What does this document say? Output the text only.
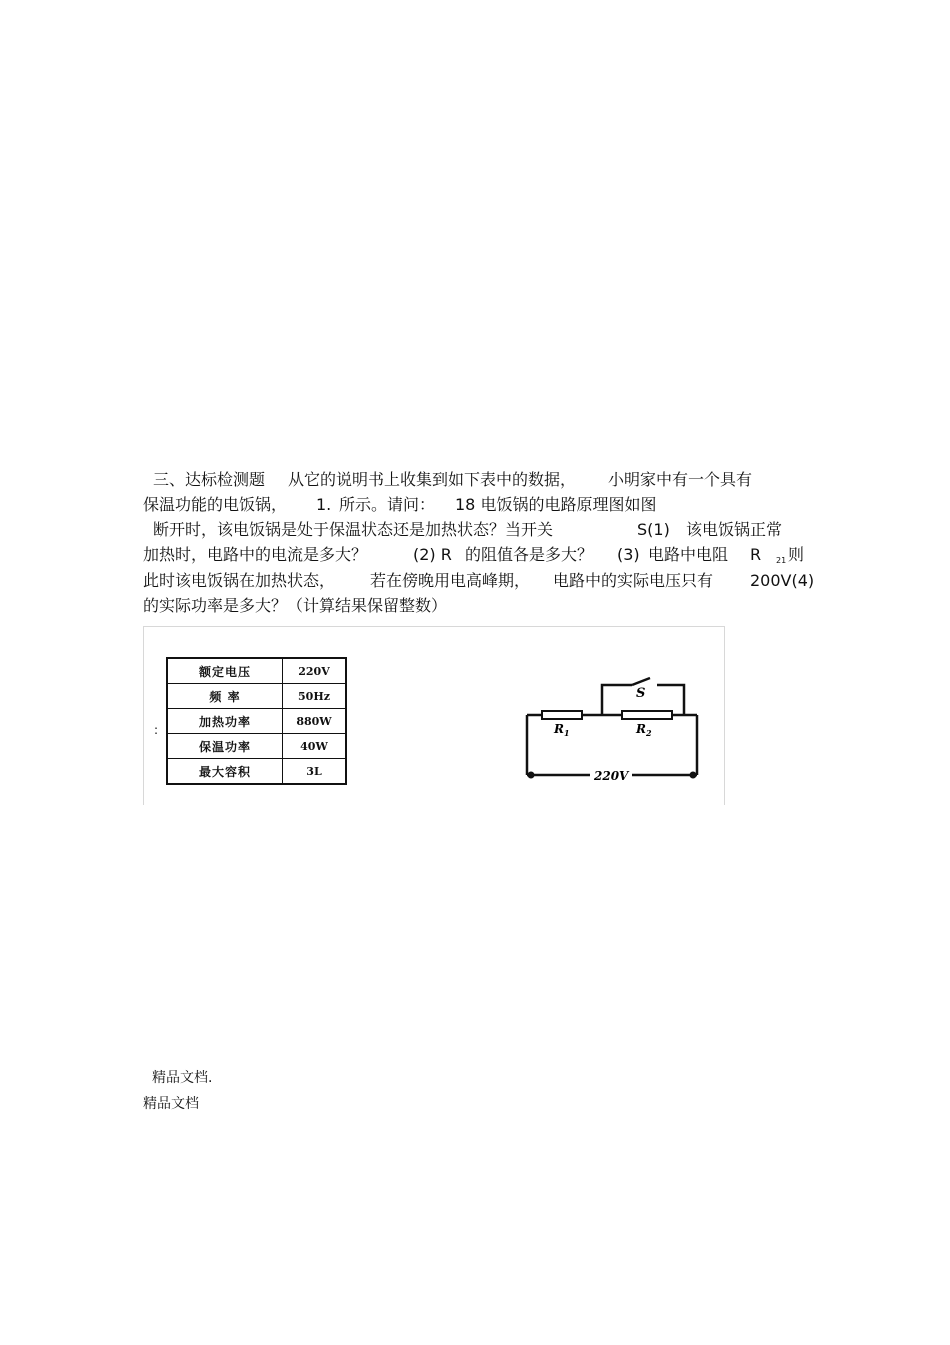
三、达标检测题 从它的说明书上收集到如下表中的数据， 小明家中有一个具有
保温功能的电饭锅， 1. 所示。请问： 18 电饭锅的电路原理图如图
断开时，该电饭锅是处于保温状态还是加热状态？当开关	S(1) 该电饭锅正常
加热时，电路中的电流是多大？	(2) R 的阻值各是多大？ (3) 电路中电阻 R 21 则
此时该电饭锅在加热状态， 若在傍晚用电高峰期， 电路中的实际电压只有 200V(4)
的实际功率是多大？（计算结果保留整数）
:
额定电压	220V
频 率	50Hz
加热功率	880W
保温功率	40W
最大容积	3L
S
$R_1$	$R_2$
220V
精品文档.
精品文档
